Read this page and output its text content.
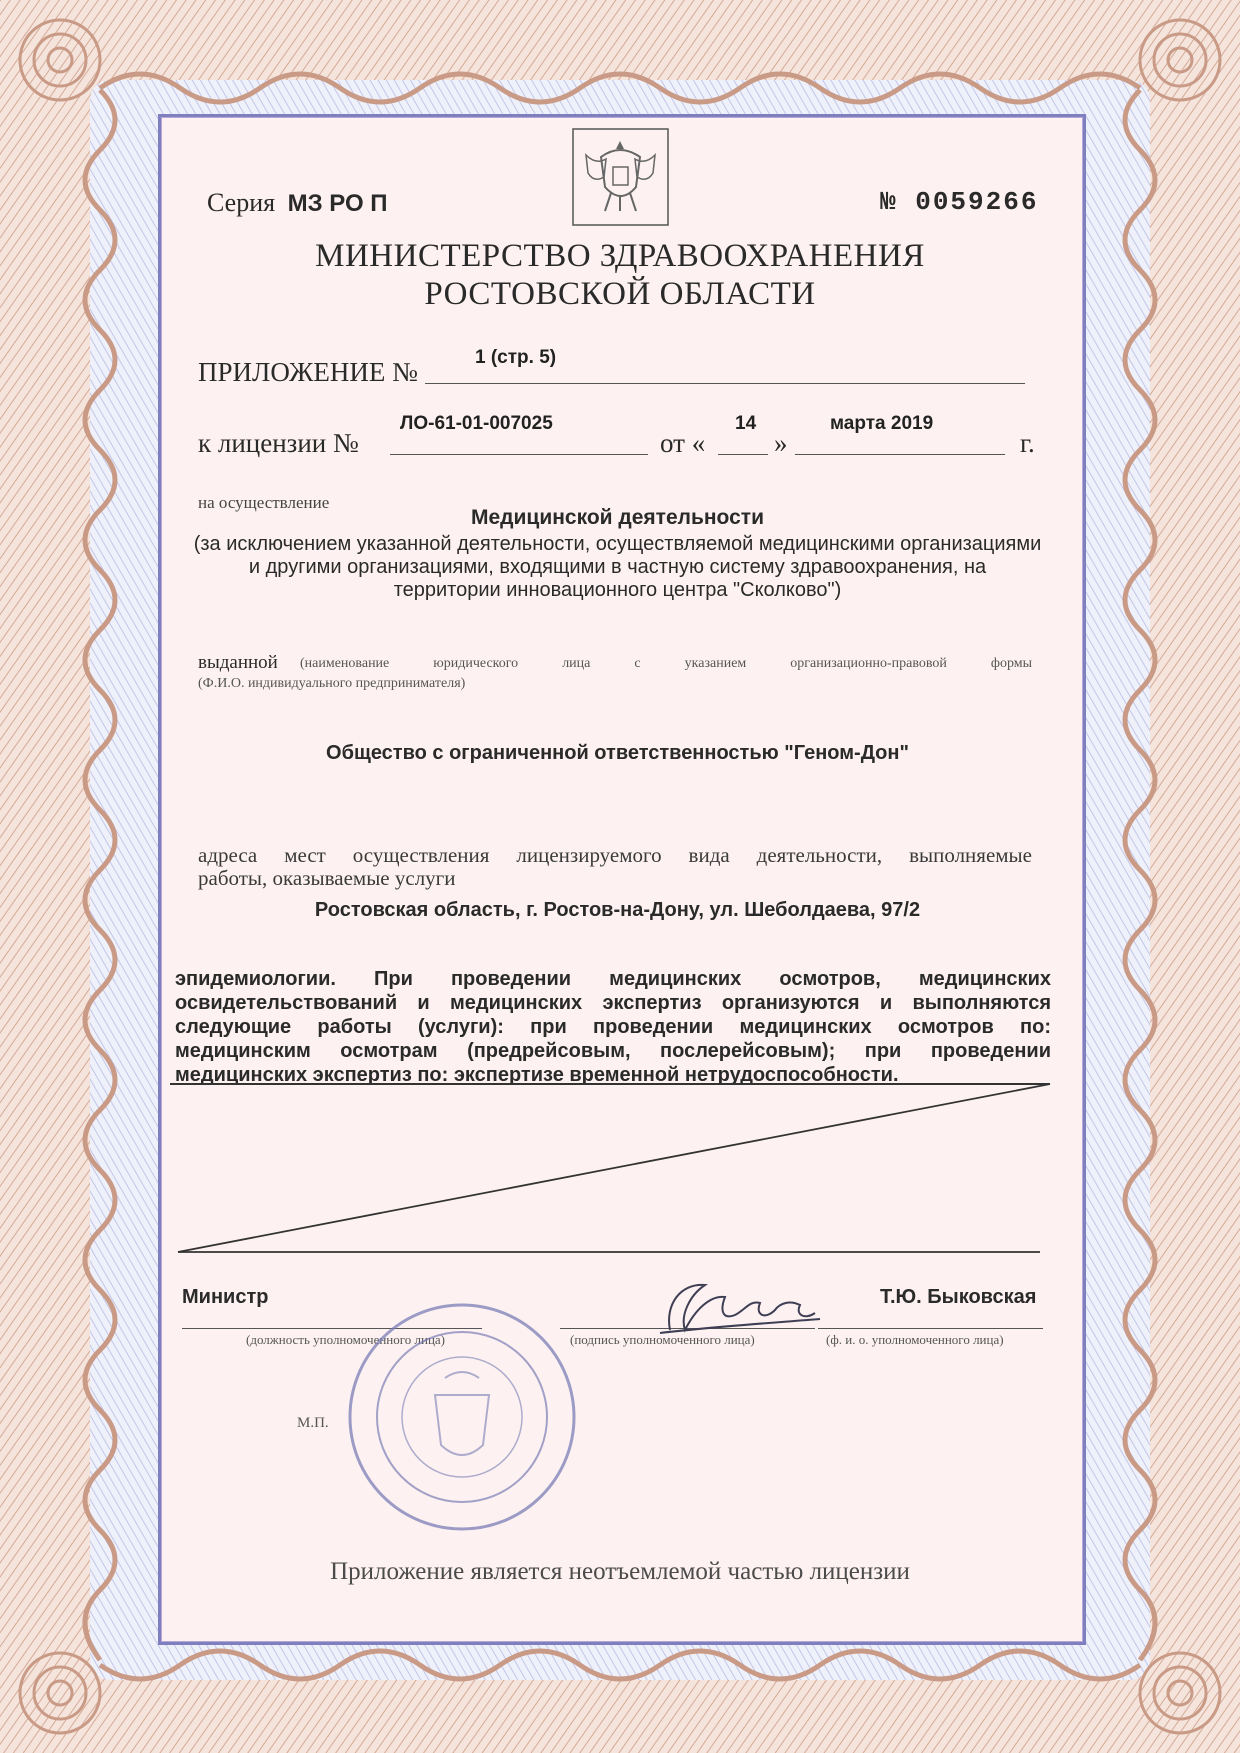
Серия МЗ РО П	№ 0059266
МИНИСТЕРСТВО ЗДРАВООХРАНЕНИЯ
РОСТОВСКОЙ ОБЛАСТИ
ПРИЛОЖЕНИЕ №	1 (стр. 5)
к лицензии №
ЛО-61-01-007025
от «
14
»
марта 2019
г.
на осуществление
Медицинской деятельности
(за исключением указанной деятельности, осуществляемой медицинскими организациями
и другими организациями, входящими в частную систему здравоохранения, на
территории инновационного центра "Сколково")
выданной (наименование юридического лица с указанием организационно-правовой формы
(Ф.И.О. индивидуального предпринимателя)
Общество с ограниченной ответственностью "Геном-Дон"
адреса мест осуществления лицензируемого вида деятельности, выполняемые
работы, оказываемые услуги
Ростовская область, г. Ростов-на-Дону, ул. Шеболдаева, 97/2

эпидемиологии. При проведении медицинских осмотров, медицинских

освидетельствований и медицинских экспертиз организуются и выполняются

следующие работы (услуги): при проведении медицинских осмотров по:

медицинским осмотрам (предрейсовым, послерейсовым); при проведении

медицинских экспертиз по: экспертизе временной нетрудоспособности.

Министр	Т.Ю. Быковская
(должность уполномоченного лица)	(подпись уполномоченного лица)	(ф. и. о. уполномоченного лица)
М.П.
Приложение является неотъемлемой частью лицензии
